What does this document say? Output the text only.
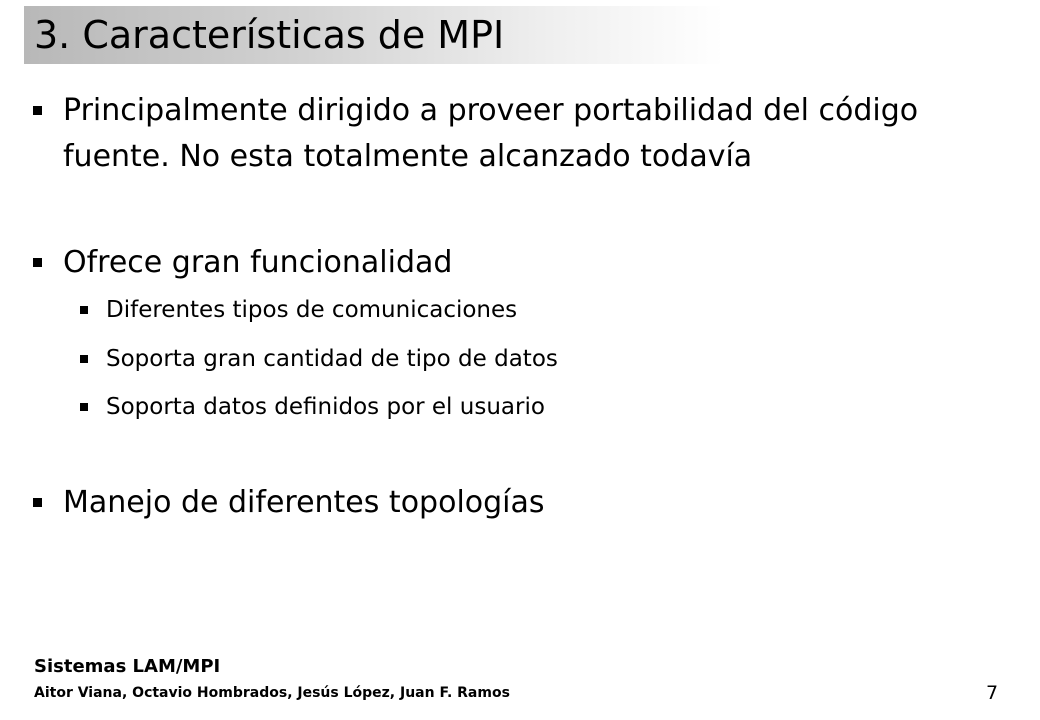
3. Características de MPI
Principalmente dirigido a proveer portabilidad del código
fuente. No esta totalmente alcanzado todavía
Ofrece gran funcionalidad
Diferentes tipos de comunicaciones
Soporta gran cantidad de tipo de datos
Soporta datos definidos por el usuario
Manejo de diferentes topologías
Sistemas LAM/MPI
Aitor Viana, Octavio Hombrados, Jesús López, Juan F. Ramos	7
